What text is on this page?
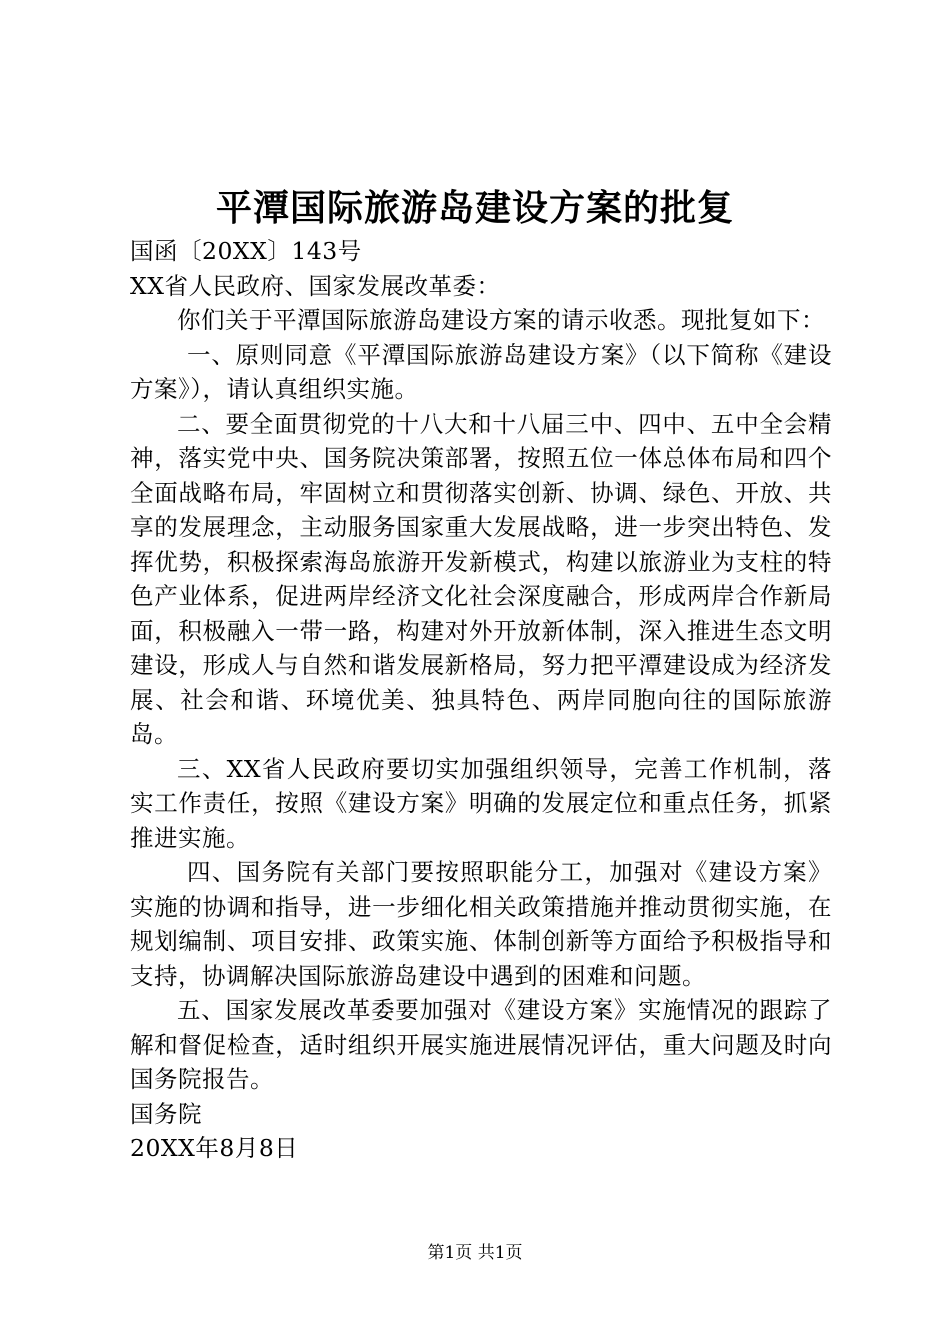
平潭国际旅游岛建设方案的批复

国函〔20XX〕143号

XX省人民政府、国家发展改革委：

你们关于平潭国际旅游岛建设方案的请示收悉。现批复如下：

一、原则同意《平潭国际旅游岛建设方案》（以下简称《建设方案》），请认真组织实施。

二、要全面贯彻党的十八大和十八届三中、四中、五中全会精神，落实党中央、国务院决策部署，按照五位一体总体布局和四个全面战略布局，牢固树立和贯彻落实创新、协调、绿色、开放、共享的发展理念，主动服务国家重大发展战略，进一步突出特色、发挥优势，积极探索海岛旅游开发新模式，构建以旅游业为支柱的特色产业体系，促进两岸经济文化社会深度融合，形成两岸合作新局面，积极融入一带一路，构建对外开放新体制，深入推进生态文明建设，形成人与自然和谐发展新格局，努力把平潭建设成为经济发展、社会和谐、环境优美、独具特色、两岸同胞向往的国际旅游岛。

三、XX省人民政府要切实加强组织领导，完善工作机制，落实工作责任，按照《建设方案》明确的发展定位和重点任务，抓紧推进实施。

四、国务院有关部门要按照职能分工，加强对《建设方案》实施的协调和指导，进一步细化相关政策措施并推动贯彻实施，在规划编制、项目安排、政策实施、体制创新等方面给予积极指导和支持，协调解决国际旅游岛建设中遇到的困难和问题。

五、国家发展改革委要加强对《建设方案》实施情况的跟踪了解和督促检查，适时组织开展实施进展情况评估，重大问题及时向国务院报告。

国务院

20XX年8月8日

第1页 共1页
